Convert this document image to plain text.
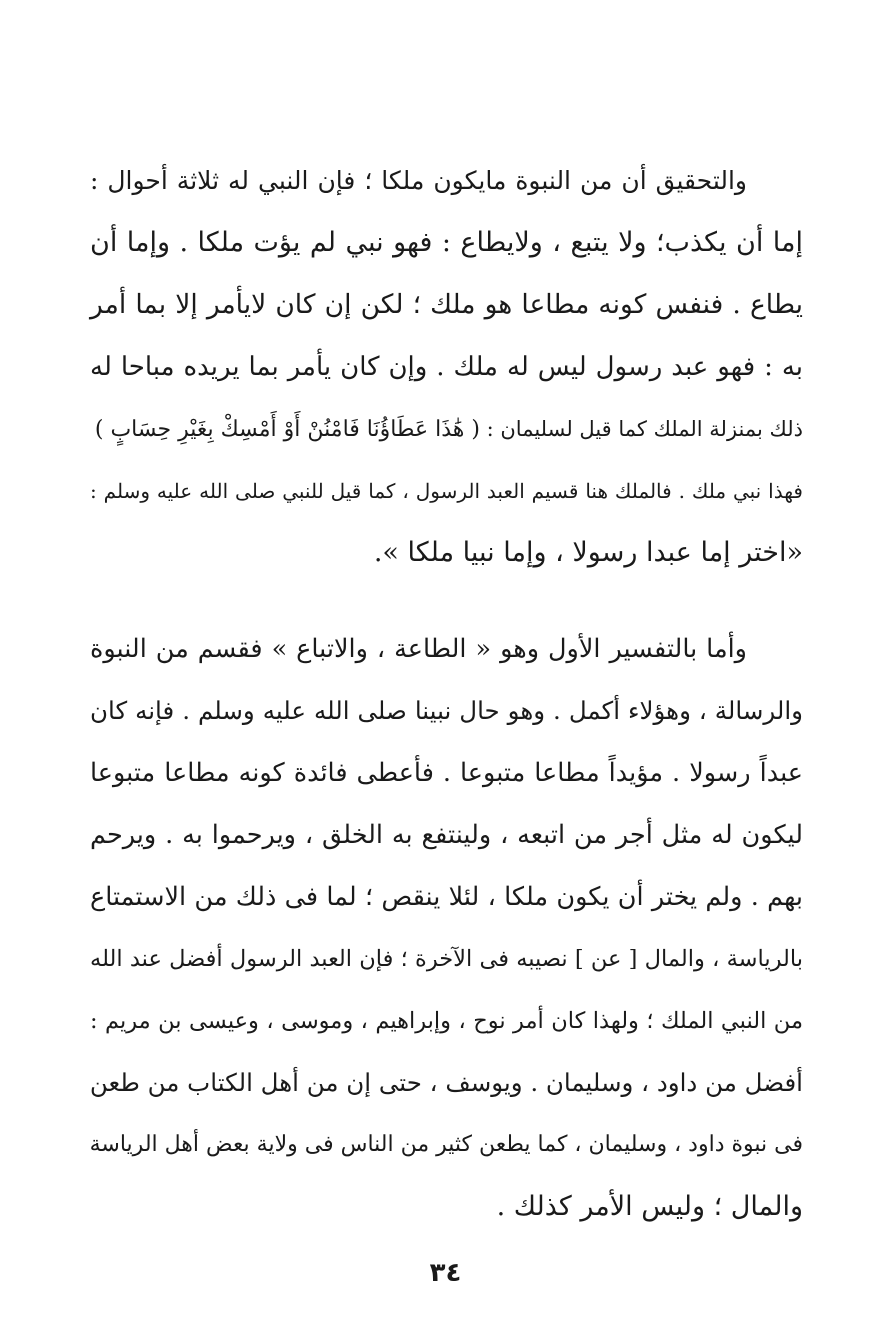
والتحقيق أن من النبوة مايكون ملكا ؛ فإن النبي له ثلاثة أحوال :
إما أن يكذب؛ ولا يتبع ، ولايطاع : فهو نبي لم يؤت ملكا . وإما أن
يطاع . فنفس كونه مطاعا هو ملك ؛ لكن إن كان لايأمر إلا بما أمر
به : فهو عبد رسول ليس له ملك . وإن كان يأمر بما يريده مباحا له
ذلك بمنزلة الملك كما قيل لسليمان : ( هَٰذَا عَطَاؤُنَا فَامْنُنْ أَوْ أَمْسِكْ بِغَيْرِ حِسَابٍ )
فهذا نبي ملك . فالملك هنا قسيم العبد الرسول ، كما قيل للنبي صلى الله عليه وسلم :
«اختر إما عبدا رسولا ، وإما نبيا ملكا ».
وأما بالتفسير الأول وهو « الطاعة ، والاتباع » فقسم من النبوة
والرسالة ، وهؤلاء أكمل . وهو حال نبينا صلى الله عليه وسلم . فإنه كان
عبداً رسولا . مؤيداً مطاعا متبوعا . فأعطى فائدة كونه مطاعا متبوعا
ليكون له مثل أجر من اتبعه ، ولينتفع به الخلق ، ويرحموا به . ويرحم
بهم . ولم يختر أن يكون ملكا ، لئلا ينقص ؛ لما فى ذلك من الاستمتاع
بالرياسة ، والمال [ عن ] نصيبه فى الآخرة ؛ فإن العبد الرسول أفضل عند الله
من النبي الملك ؛ ولهذا كان أمر نوح ، وإبراهيم ، وموسى ، وعيسى بن مريم :
أفضل من داود ، وسليمان . ويوسف ، حتى إن من أهل الكتاب من طعن
فى نبوة داود ، وسليمان ، كما يطعن كثير من الناس فى ولاية بعض أهل الرياسة
والمال ؛ وليس الأمر كذلك .
٣٤
